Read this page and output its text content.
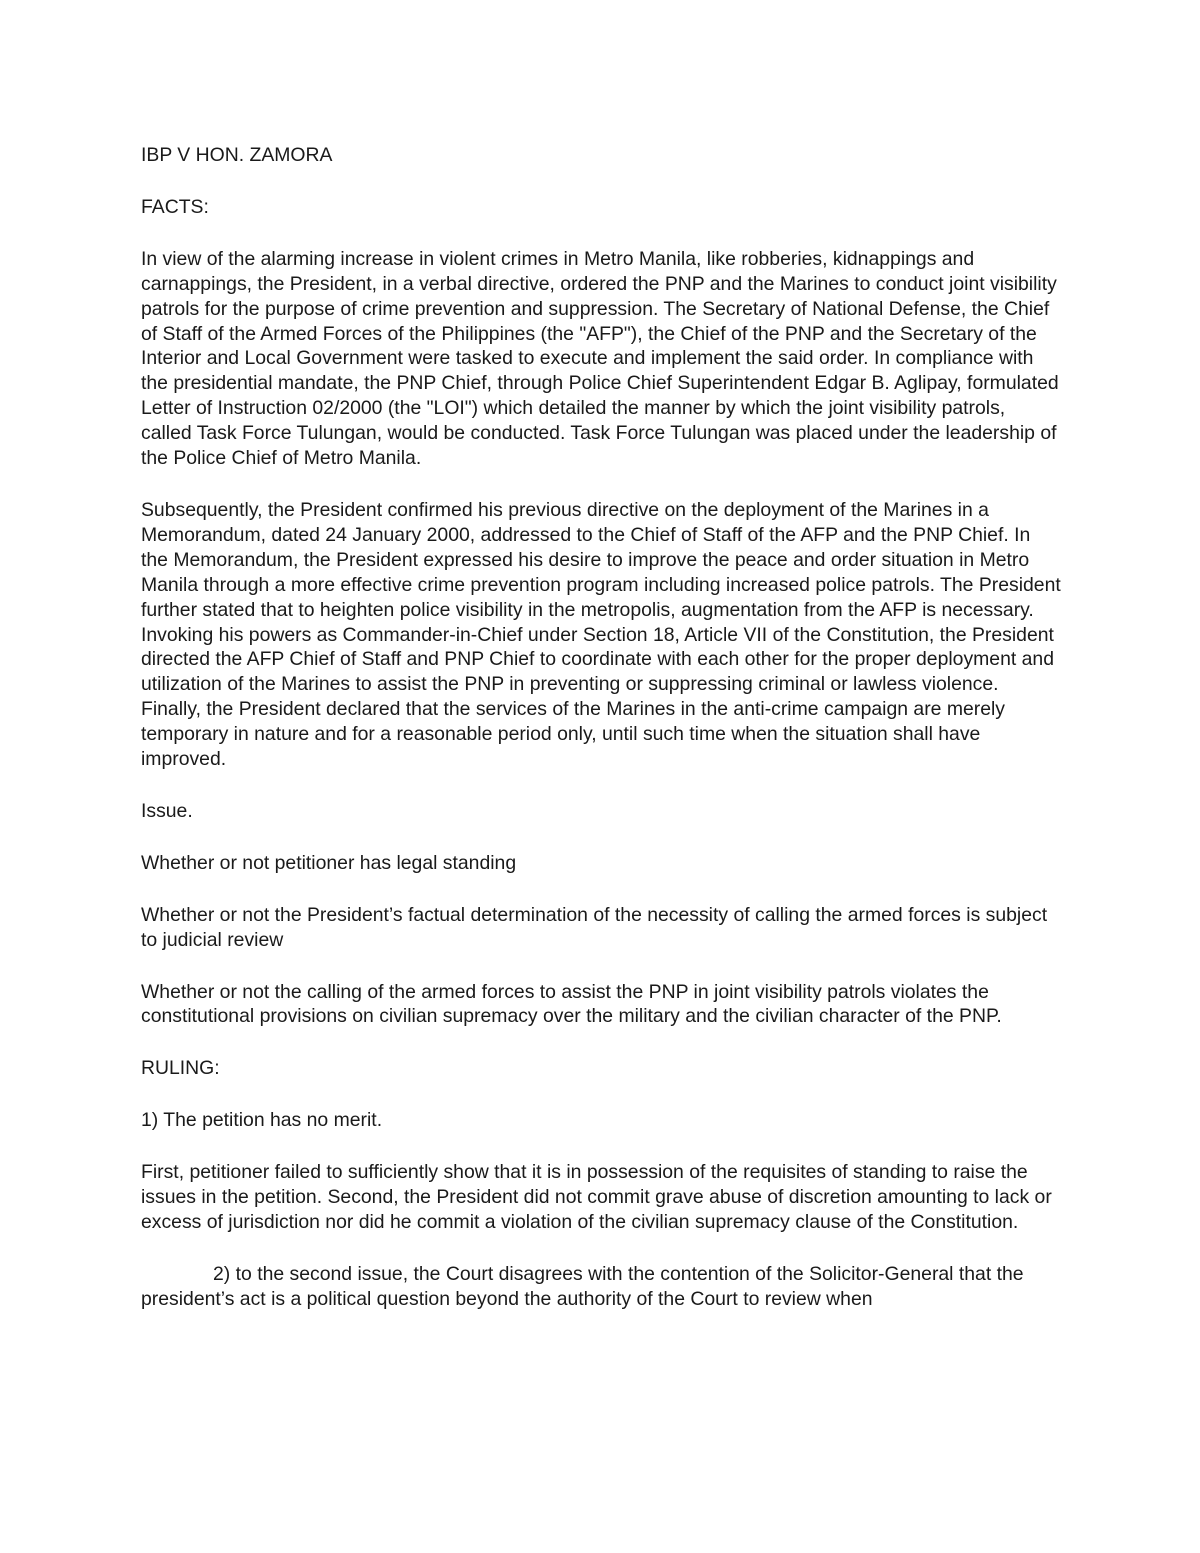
IBP V HON. ZAMORA

FACTS:

In view of the alarming increase in violent crimes in Metro Manila, like robberies, kidnappings and carnappings, the President, in a verbal directive, ordered the PNP and the Marines to conduct joint visibility patrols for the purpose of crime prevention and suppression. The Secretary of National Defense, the Chief of Staff of the Armed Forces of the Philippines (the "AFP"), the Chief of the PNP and the Secretary of the Interior and Local Government were tasked to execute and implement the said order. In compliance with the presidential mandate, the PNP Chief, through Police Chief Superintendent Edgar B. Aglipay, formulated Letter of Instruction 02/2000 (the "LOI") which detailed the manner by which the joint visibility patrols, called Task Force Tulungan, would be conducted. Task Force Tulungan was placed under the leadership of the Police Chief of Metro Manila.

Subsequently, the President confirmed his previous directive on the deployment of the Marines in a Memorandum, dated 24 January 2000, addressed to the Chief of Staff of the AFP and the PNP Chief. In the Memorandum, the President expressed his desire to improve the peace and order situation in Metro Manila through a more effective crime prevention program including increased police patrols. The President further stated that to heighten police visibility in the metropolis, augmentation from the AFP is necessary. Invoking his powers as Commander-in-Chief under Section 18, Article VII of the Constitution, the President directed the AFP Chief of Staff and PNP Chief to coordinate with each other for the proper deployment and utilization of the Marines to assist the PNP in preventing or suppressing criminal or lawless violence. Finally, the President declared that the services of the Marines in the anti-crime campaign are merely temporary in nature and for a reasonable period only, until such time when the situation shall have improved.

Issue.

Whether or not petitioner has legal standing

Whether or not the President’s factual determination of the necessity of calling the armed forces is subject to judicial review

Whether or not the calling of the armed forces to assist the PNP in joint visibility patrols violates the constitutional provisions on civilian supremacy over the military and the civilian character of the PNP.

RULING:

1) The petition has no merit.

First, petitioner failed to sufficiently show that it is in possession of the requisites of standing to raise the issues in the petition. Second, the President did not commit grave abuse of discretion amounting to lack or excess of jurisdiction nor did he commit a violation of the civilian supremacy clause of the Constitution.

2) to the second issue, the Court disagrees with the contention of the Solicitor-General that the president’s act is a political question beyond the authority of the Court to review when
